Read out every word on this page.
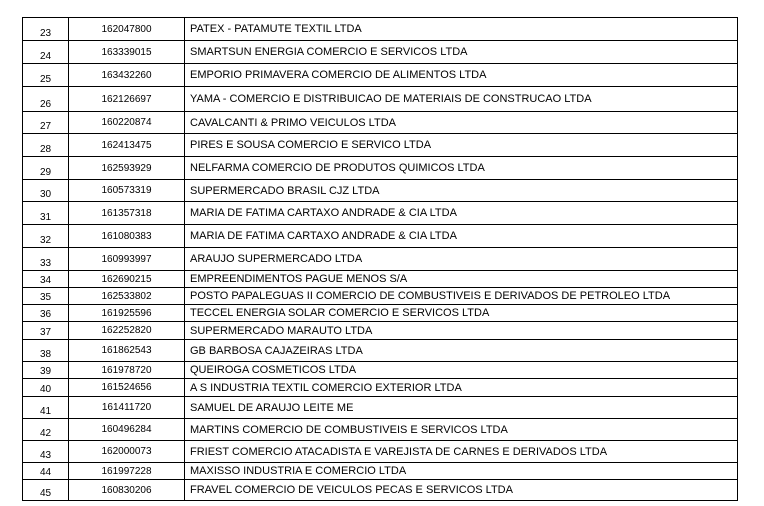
23	162047800	PATEX - PATAMUTE TEXTIL LTDA
24	163339015	SMARTSUN ENERGIA COMERCIO E SERVICOS LTDA
25	163432260	EMPORIO PRIMAVERA COMERCIO DE ALIMENTOS LTDA
26	162126697	YAMA - COMERCIO E DISTRIBUICAO DE MATERIAIS DE CONSTRUCAO LTDA
27	160220874	CAVALCANTI & PRIMO VEICULOS LTDA
28	162413475	PIRES E SOUSA COMERCIO E SERVICO LTDA
29	162593929	NELFARMA COMERCIO DE PRODUTOS QUIMICOS LTDA
30	160573319	SUPERMERCADO BRASIL CJZ LTDA
31	161357318	MARIA DE FATIMA CARTAXO ANDRADE & CIA LTDA
32	161080383	MARIA DE FATIMA CARTAXO ANDRADE & CIA LTDA
33	160993997	ARAUJO SUPERMERCADO LTDA
34	162690215	EMPREENDIMENTOS PAGUE MENOS S/A
35	162533802	POSTO PAPALEGUAS II COMERCIO DE COMBUSTIVEIS E DERIVADOS DE PETROLEO LTDA
36	161925596	TECCEL ENERGIA SOLAR COMERCIO E SERVICOS LTDA
37	162252820	SUPERMERCADO MARAUTO LTDA
38	161862543	GB BARBOSA CAJAZEIRAS LTDA
39	161978720	QUEIROGA COSMETICOS LTDA
40	161524656	A S INDUSTRIA TEXTIL COMERCIO EXTERIOR LTDA
41	161411720	SAMUEL DE ARAUJO LEITE ME
42	160496284	MARTINS COMERCIO DE COMBUSTIVEIS E SERVICOS LTDA
43	162000073	FRIEST COMERCIO ATACADISTA E VAREJISTA DE CARNES E DERIVADOS LTDA
44	161997228	MAXISSO INDUSTRIA E COMERCIO LTDA
45	160830206	FRAVEL COMERCIO DE VEICULOS PECAS E SERVICOS LTDA
